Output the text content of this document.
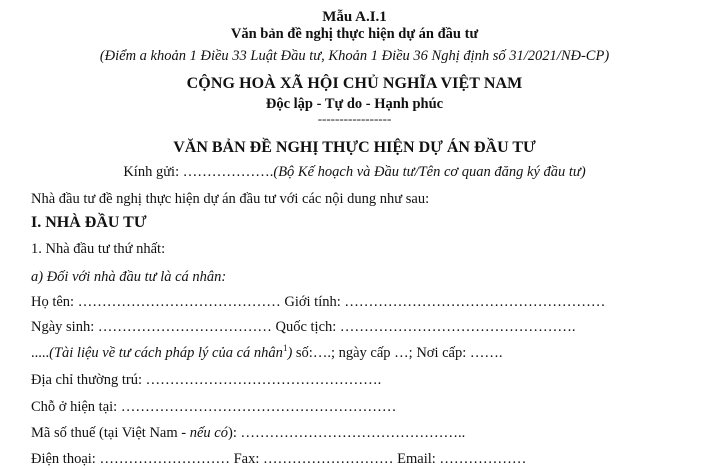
Mẫu A.I.1
Văn bản đề nghị thực hiện dự án đầu tư
(Điểm a khoản 1 Điều 33 Luật Đầu tư, Khoản 1 Điều 36 Nghị định số 31/2021/NĐ-CP)
CỘNG HOÀ XÃ HỘI CHỦ NGHĨA VIỆT NAM
Độc lập - Tự do - Hạnh phúc
-----------------
VĂN BẢN ĐỀ NGHỊ THỰC HIỆN DỰ ÁN ĐẦU TƯ
Kính gửi: ……………….(Bộ Kế hoạch và Đầu tư/Tên cơ quan đăng ký đầu tư)
Nhà đầu tư đề nghị thực hiện dự án đầu tư với các nội dung như sau:
I. NHÀ ĐẦU TƯ
1. Nhà đầu tư thứ nhất:
a) Đối với nhà đầu tư là cá nhân:
Họ tên: …………………………………… Giới tính: ………………………………………………
Ngày sinh: ……………………………… Quốc tịch: ………………………………………….
.....(Tài liệu về tư cách pháp lý của cá nhân$^1$) số:….; ngày cấp …; Nơi cấp: …….
Địa chỉ thường trú: ………………………………………….
Chỗ ở hiện tại: …………………………………………………
Mã số thuế (tại Việt Nam - nếu có): ………………………………………..
Điện thoại: ……………………… Fax: ……………………… Email: ………………
